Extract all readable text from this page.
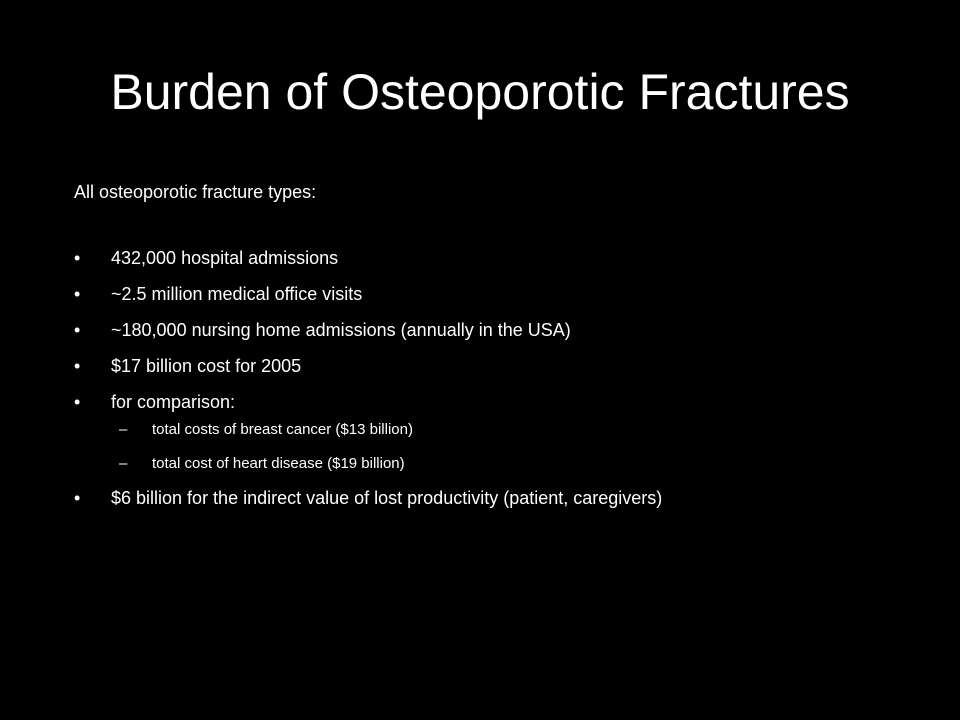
Burden of Osteoporotic Fractures
All osteoporotic fracture types:
•	432,000 hospital admissions
•	~2.5 million medical office visits
•	~180,000 nursing home admissions (annually in the USA)
•	$17 billion cost for 2005
•	for comparison:
– total costs of breast cancer ($13 billion)
– total cost of heart disease ($19 billion)
•	$6 billion for the indirect value of lost productivity (patient, caregivers)
